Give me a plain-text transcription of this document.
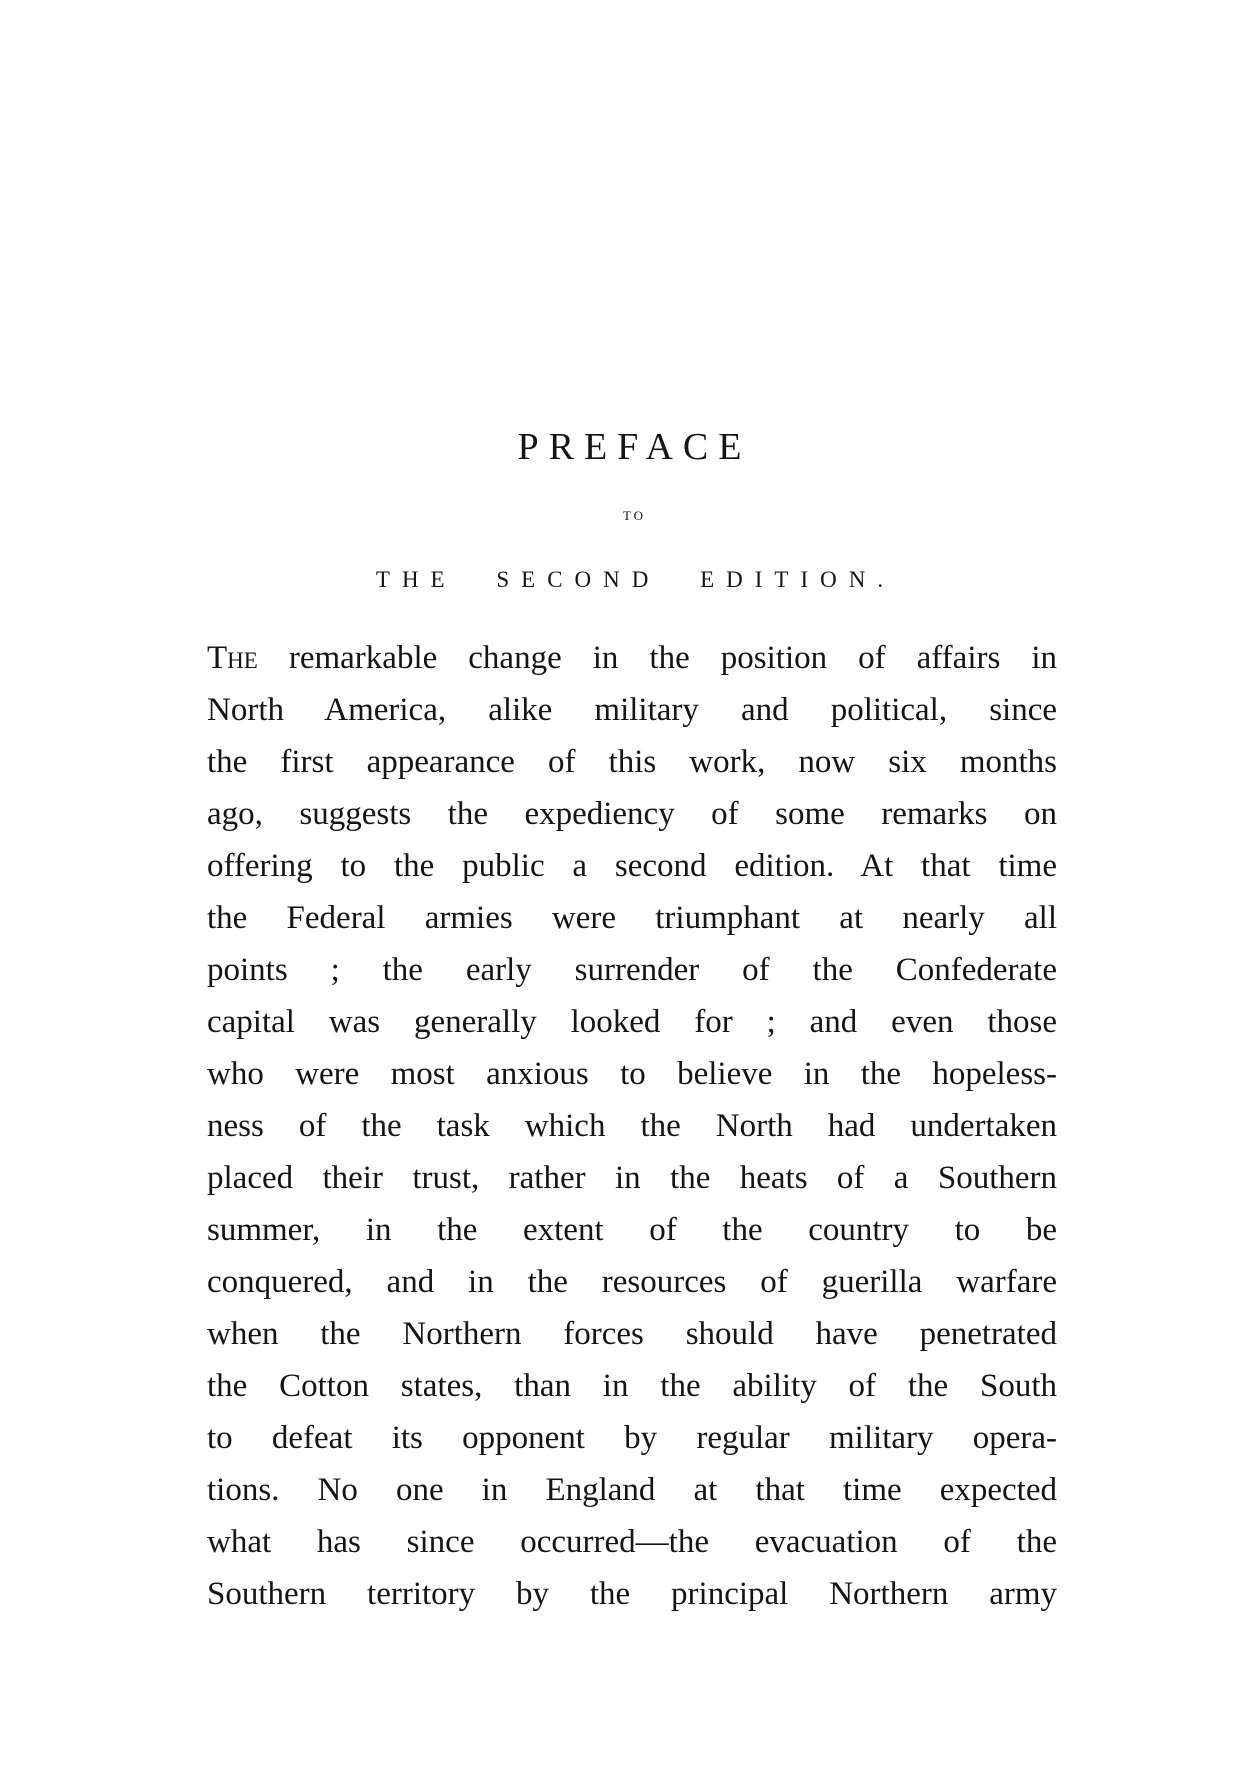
PREFACE
TO
THE SECOND EDITION.
The remarkable change in the position of affairs in
North America, alike military and political, since
the first appearance of this work, now six months
ago, suggests the expediency of some remarks on
offering to the public a second edition. At that time
the Federal armies were triumphant at nearly all
points ; the early surrender of the Confederate
capital was generally looked for ; and even those
who were most anxious to believe in the hopeless-
ness of the task which the North had undertaken
placed their trust, rather in the heats of a Southern
summer, in the extent of the country to be
conquered, and in the resources of guerilla warfare
when the Northern forces should have penetrated
the Cotton states, than in the ability of the South
to defeat its opponent by regular military opera-
tions. No one in England at that time expected
what has since occurred—the evacuation of the
Southern territory by the principal Northern army
